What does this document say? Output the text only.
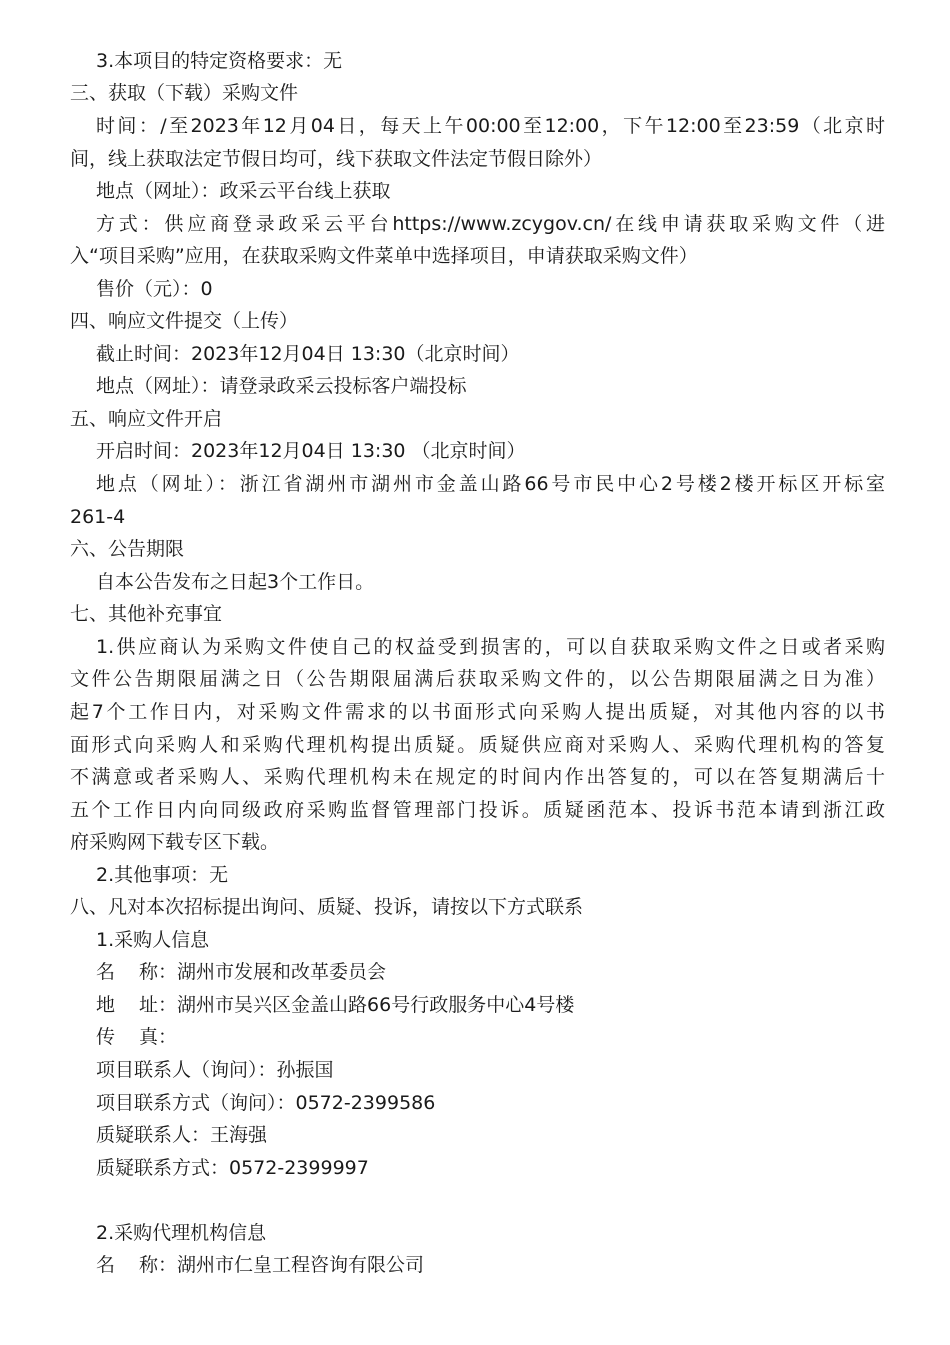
3.本项目的特定资格要求：无
三、获取（下载）采购文件
时间：/至2023年12月04日，每天上午00:00至12:00，下午12:00至23:59（北京时
间，线上获取法定节假日均可，线下获取文件法定节假日除外）
地点（网址）：政采云平台线上获取
方式：供应商登录政采云平台https://www.zcygov.cn/在线申请获取采购文件（进
入“项目采购”应用，在获取采购文件菜单中选择项目，申请获取采购文件）
售价（元）：0
四、响应文件提交（上传）
截止时间：2023年12月04日 13:30（北京时间）
地点（网址）：请登录政采云投标客户端投标
五、响应文件开启
开启时间：2023年12月04日 13:30 （北京时间）
地点（网址）：浙江省湖州市湖州市金盖山路66号市民中心2号楼2楼开标区开标室
261-4
六、公告期限
自本公告发布之日起3个工作日。
七、其他补充事宜
1.供应商认为采购文件使自己的权益受到损害的，可以自获取采购文件之日或者采购
文件公告期限届满之日（公告期限届满后获取采购文件的，以公告期限届满之日为准）
起7个工作日内，对采购文件需求的以书面形式向采购人提出质疑，对其他内容的以书
面形式向采购人和采购代理机构提出质疑。质疑供应商对采购人、采购代理机构的答复
不满意或者采购人、采购代理机构未在规定的时间内作出答复的，可以在答复期满后十
五个工作日内向同级政府采购监督管理部门投诉。质疑函范本、投诉书范本请到浙江政
府采购网下载专区下载。
2.其他事项：无
八、凡对本次招标提出询问、质疑、投诉，请按以下方式联系
1.采购人信息
名 称：湖州市发展和改革委员会
地 址：湖州市吴兴区金盖山路66号行政服务中心4号楼
传 真：
项目联系人（询问）：孙振国
项目联系方式（询问）：0572-2399586
质疑联系人：王海强
质疑联系方式：0572-2399997
2.采购代理机构信息
名 称：湖州市仁皇工程咨询有限公司
